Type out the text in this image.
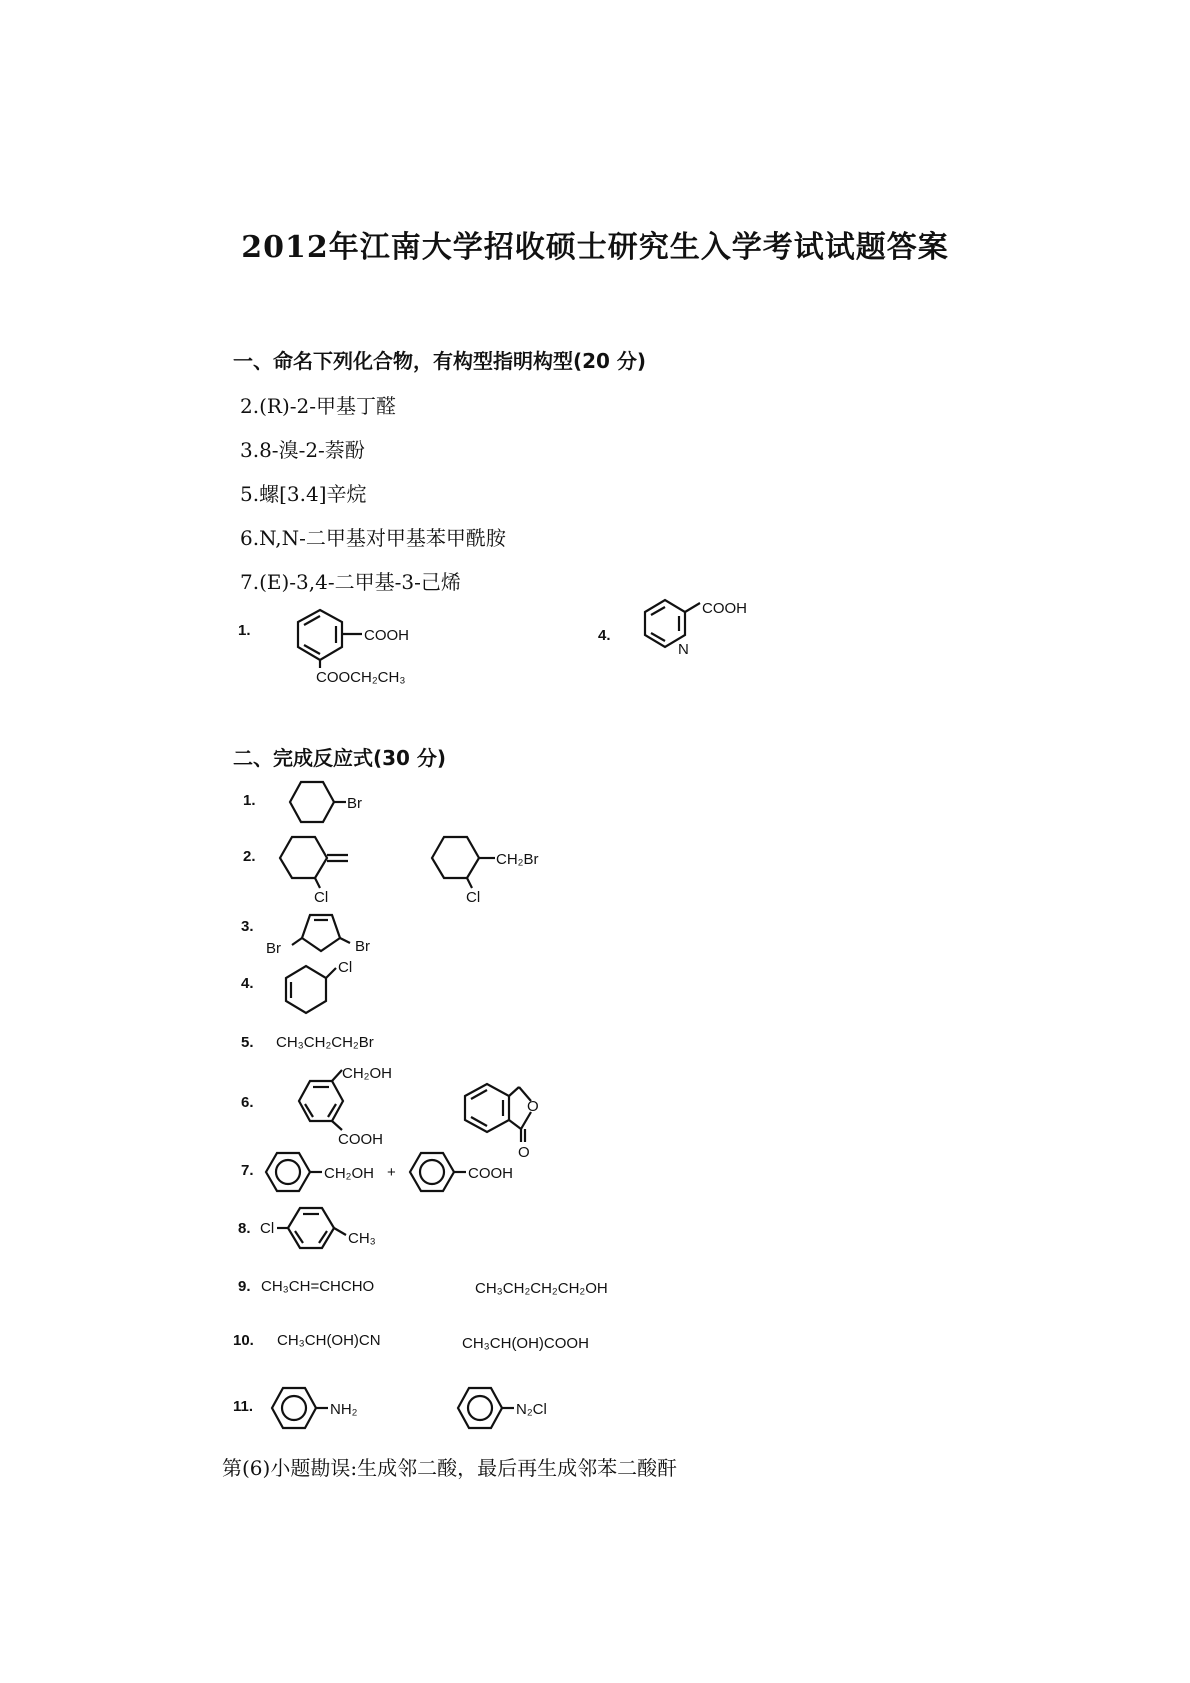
2012年江南大学招收硕士研究生入学考试试题答案
一、命名下列化合物，有构型指明构型(20 分)
2.(R)-2-甲基丁醛
3.8-溴-2-萘酚
5.螺[3.4]辛烷
6.N,N-二甲基对甲基苯甲酰胺
7.(E)-3,4-二甲基-3-己烯
1.	COOH
COOCH₂CH₃
4.
COOH
N
二、完成反应式(30 分)
1.	Br
2.
Cl
CH₂Br
Cl
3.
Br	Br
4.
Cl
5. CH₃CH₂CH₂Br
6.
CH₂OH
COOH
O
O
7.	CH₂OH +	COOH
8. Cl
CH₃
9. CH₃CH=CHCHO	CH₃CH₂CH₂CH₂OH
10. CH₃CH(OH)CN	CH₃CH(OH)COOH
11.	NH₂	N₂Cl
第(6)小题勘误:生成邻二酸，最后再生成邻苯二酸酐
